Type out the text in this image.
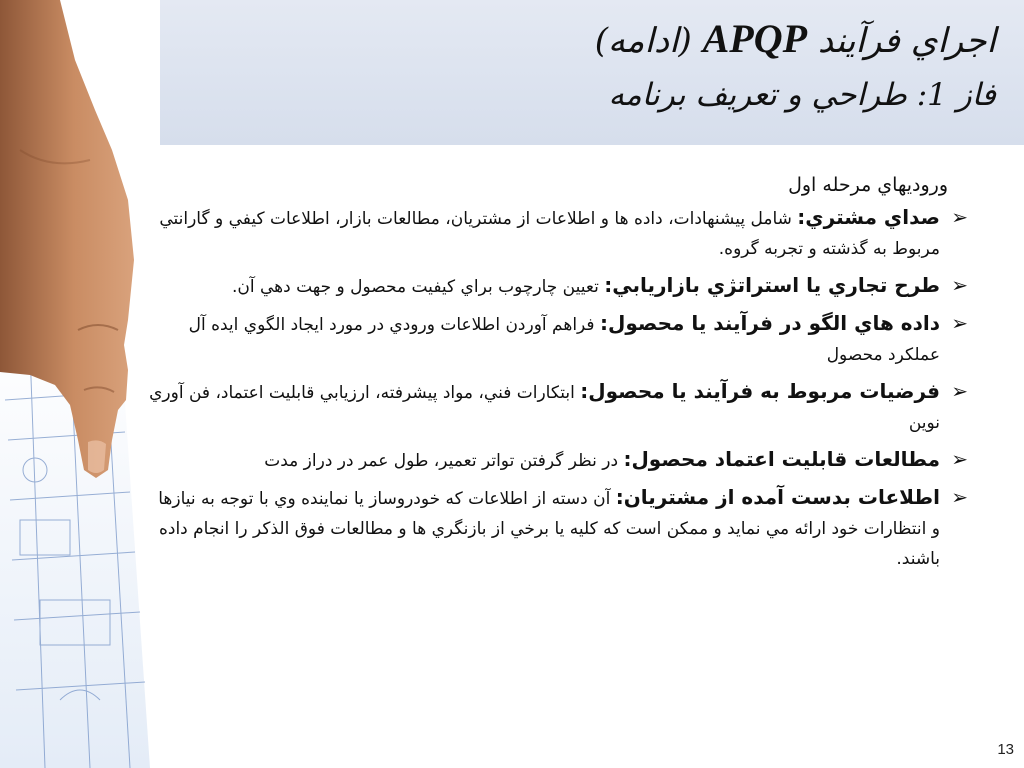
اجراي فرآيند APQP (ادامه)
فاز 1: طراحي و تعريف برنامه
وروديهاي مرحله اول
➢
صداي مشتري: شامل پيشنهادات، داده ها و اطلاعات از مشتريان، مطالعات بازار، اطلاعات كيفي و گارانتي مربوط به گذشته و تجربه گروه.
➢
طرح تجاري يا استراتژي بازاريابي: تعيين چارچوب براي كيفيت محصول و جهت دهي آن.
➢
داده هاي الگو در فرآيند يا محصول: فراهم آوردن اطلاعات ورودي در مورد ايجاد الگوي ايده آل عملكرد محصول
➢
فرضيات مربوط به فرآيند يا محصول: ابتكارات فني، مواد پيشرفته، ارزيابي قابليت اعتماد، فن آوري نوين
➢
مطالعات قابليت اعتماد محصول: در نظر گرفتن تواتر تعمير، طول عمر در دراز مدت
➢
اطلاعات بدست آمده از مشتريان: آن دسته از اطلاعات كه خودروساز يا نماينده وي با توجه به نيازها و انتظارات خود ارائه مي نمايد و ممكن است كه كليه يا برخي از بازنگري ها و مطالعات فوق الذكر را انجام داده باشند.
13
